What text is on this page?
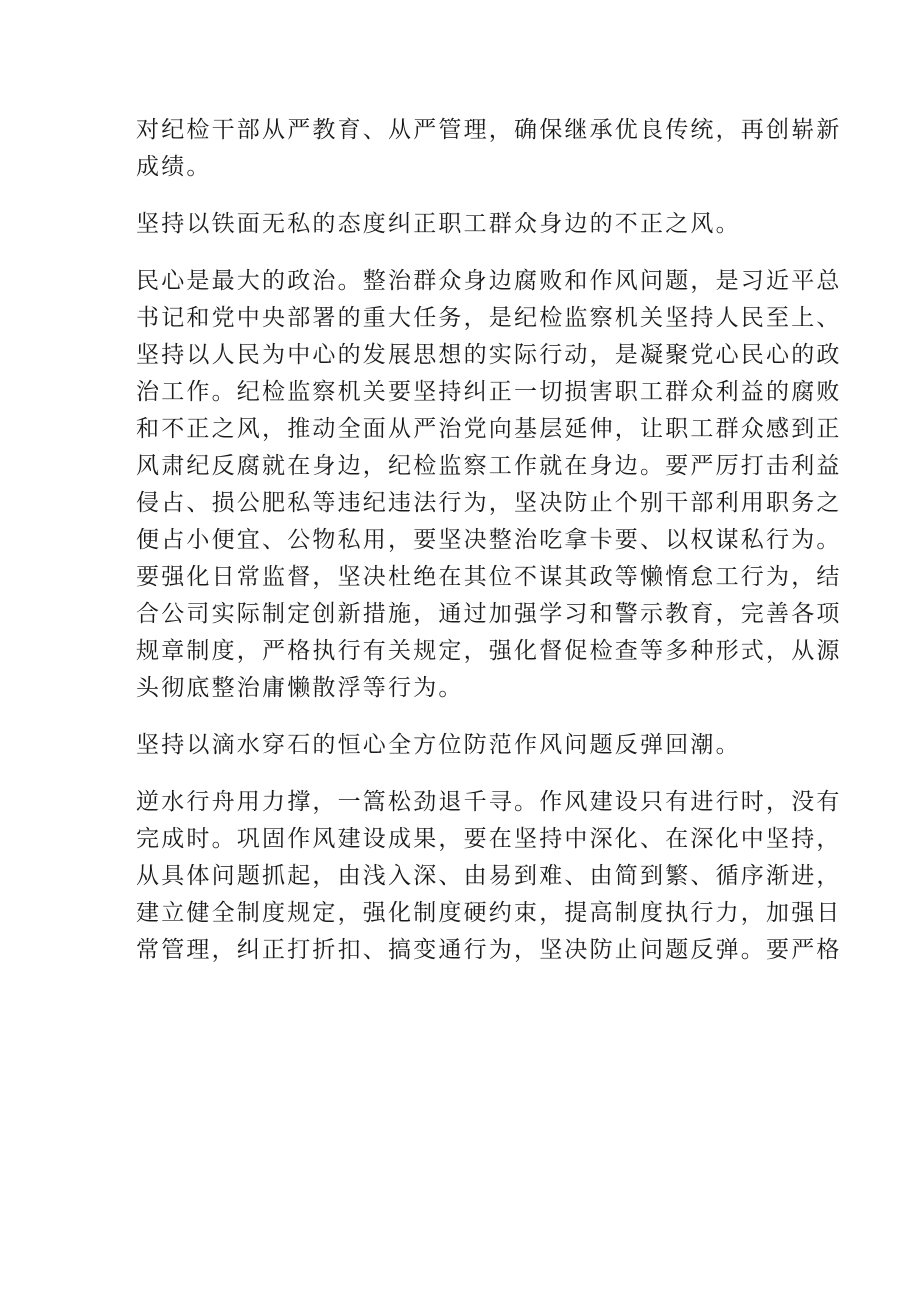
对纪检干部从严教育、从严管理，确保继承优良传统，再创崭新
成绩。

坚持以铁面无私的态度纠正职工群众身边的不正之风。

民心是最大的政治。整治群众身边腐败和作风问题，是习近平总
书记和党中央部署的重大任务，是纪检监察机关坚持人民至上、
坚持以人民为中心的发展思想的实际行动，是凝聚党心民心的政
治工作。纪检监察机关要坚持纠正一切损害职工群众利益的腐败
和不正之风，推动全面从严治党向基层延伸，让职工群众感到正
风肃纪反腐就在身边，纪检监察工作就在身边。要严厉打击利益
侵占、损公肥私等违纪违法行为，坚决防止个别干部利用职务之
便占小便宜、公物私用，要坚决整治吃拿卡要、以权谋私行为。
要强化日常监督，坚决杜绝在其位不谋其政等懒惰怠工行为，结
合公司实际制定创新措施，通过加强学习和警示教育，完善各项
规章制度，严格执行有关规定，强化督促检查等多种形式，从源
头彻底整治庸懒散浮等行为。

坚持以滴水穿石的恒心全方位防范作风问题反弹回潮。

逆水行舟用力撑，一篙松劲退千寻。作风建设只有进行时，没有
完成时。巩固作风建设成果，要在坚持中深化、在深化中坚持，
从具体问题抓起，由浅入深、由易到难、由简到繁、循序渐进，
建立健全制度规定，强化制度硬约束，提高制度执行力，加强日
常管理，纠正打折扣、搞变通行为，坚决防止问题反弹。要严格
